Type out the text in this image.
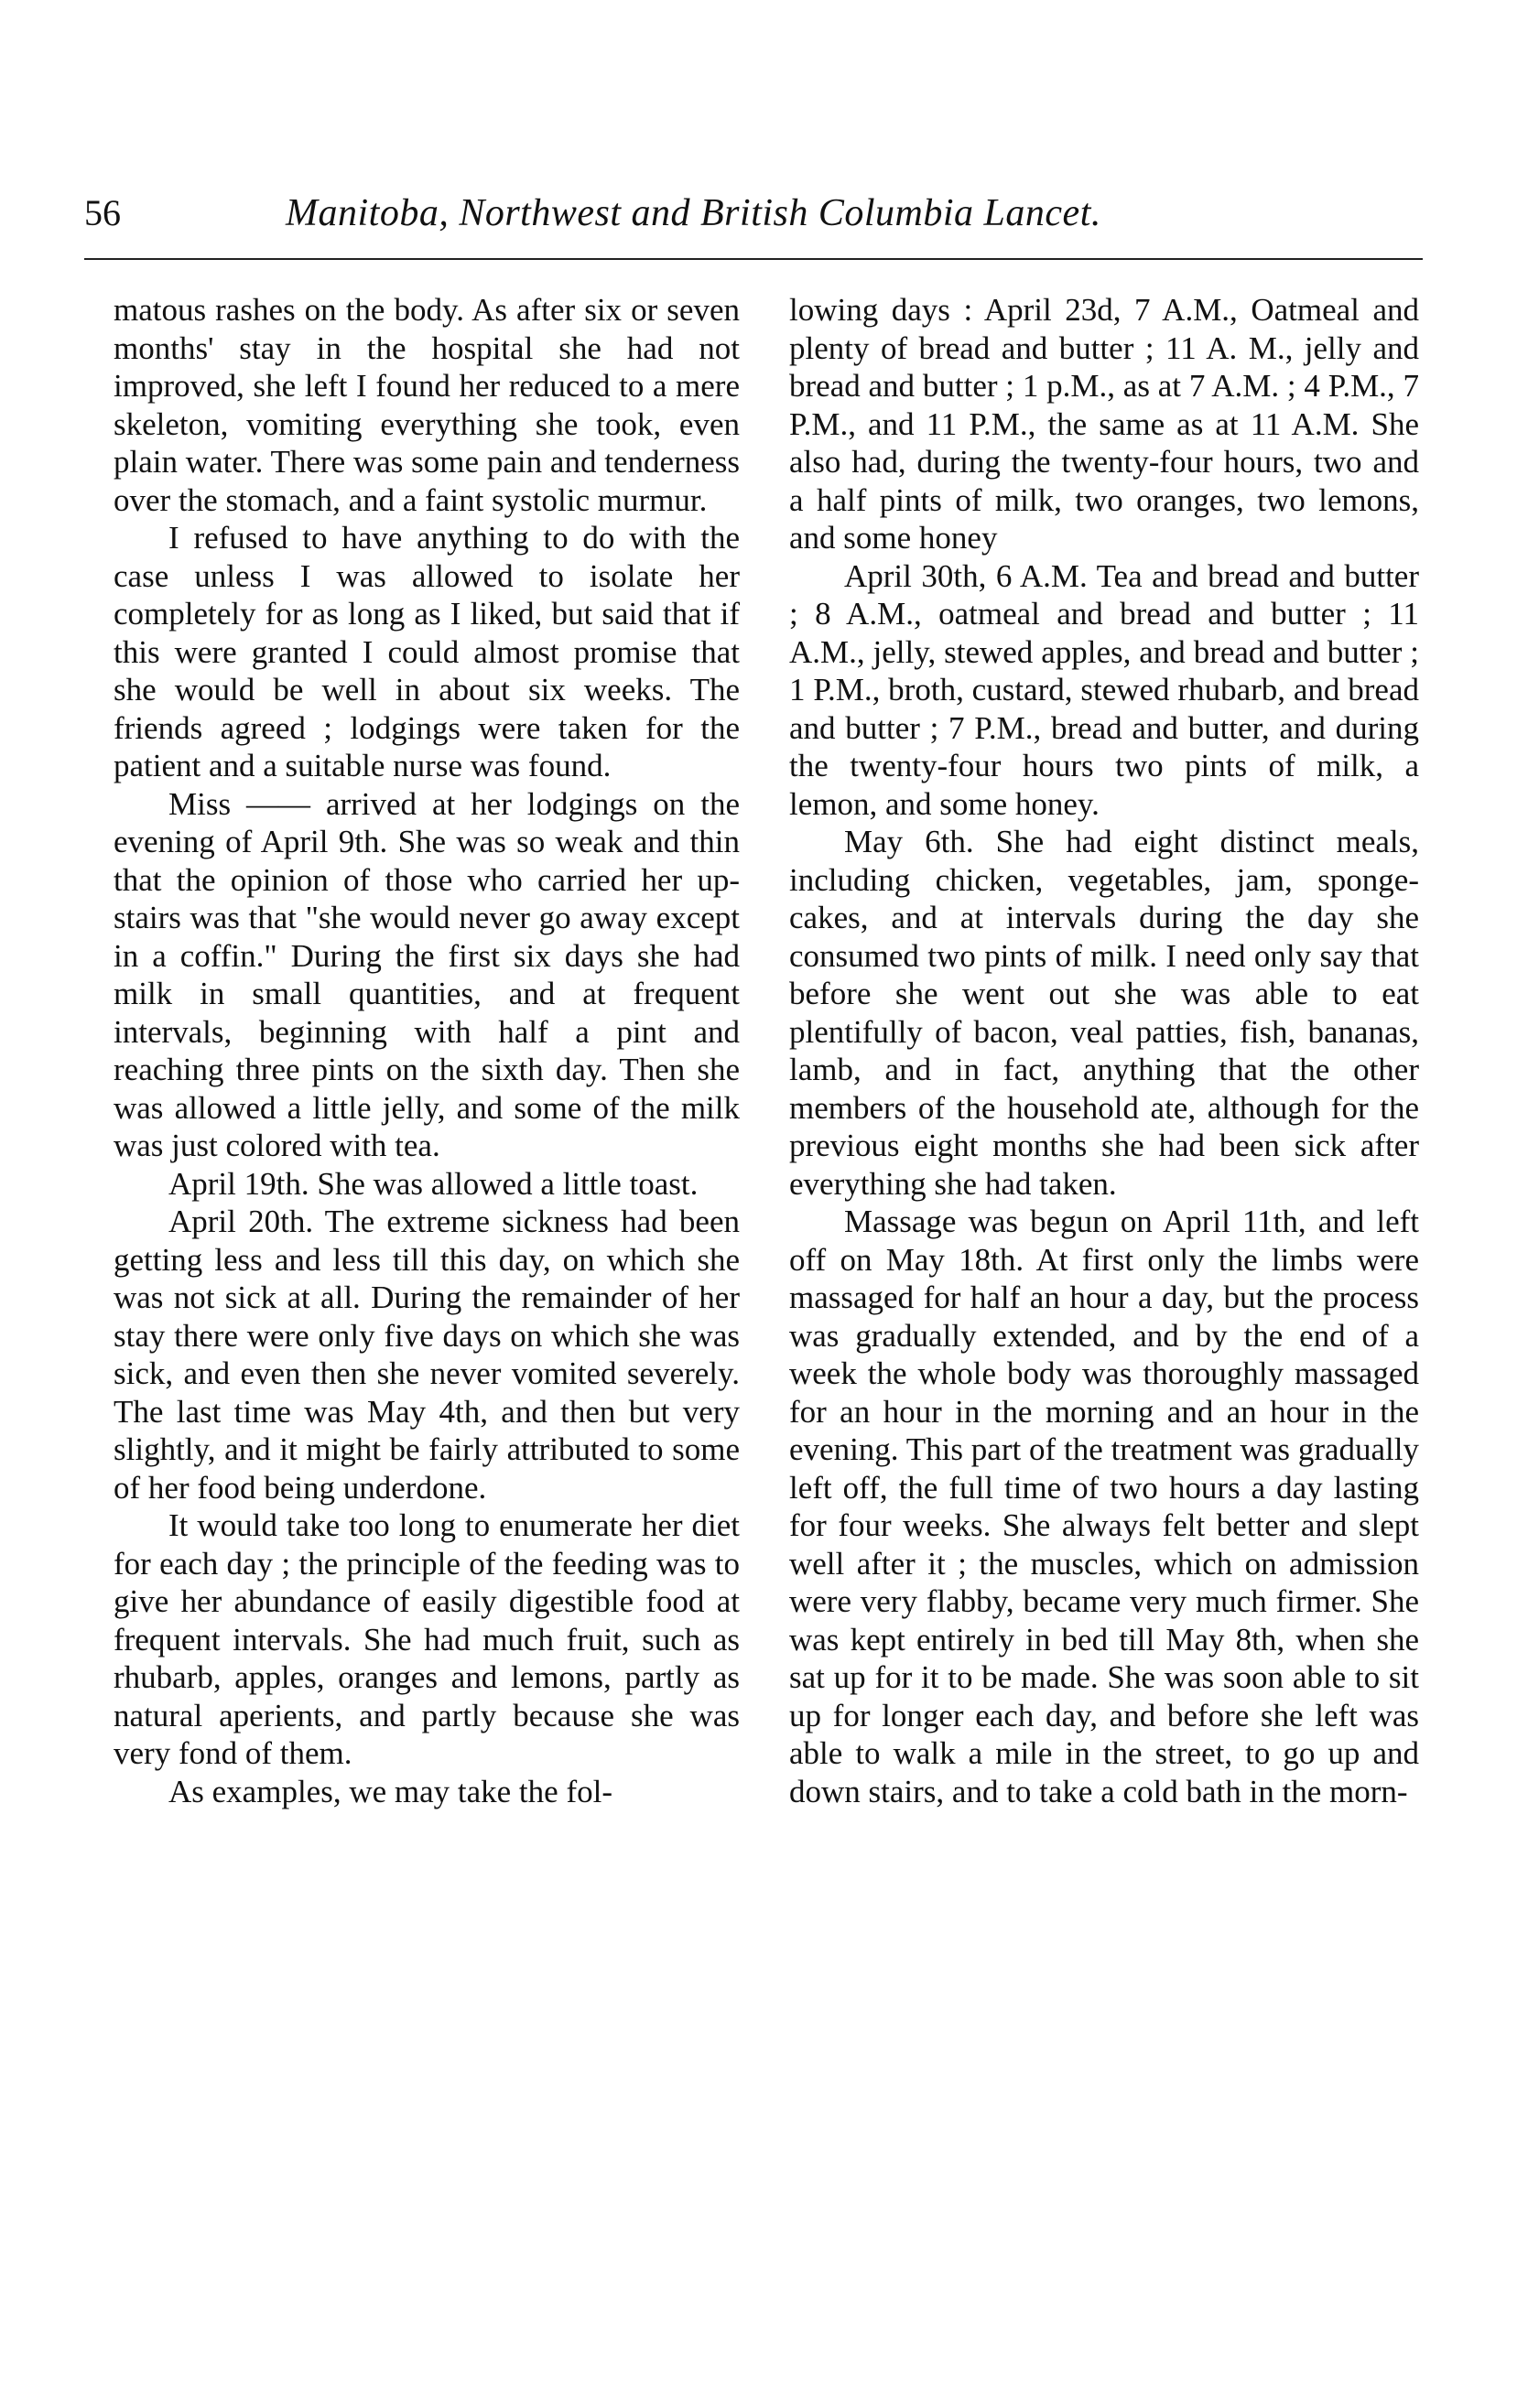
56	Manitoba, Northwest and British Columbia Lancet.

matous rashes on the body. As after six or seven months' stay in the hospital she had not improved, she left I found her reduced to a mere skeleton, vomiting everything she took, even plain water. There was some pain and tenderness over the stomach, and a faint systolic murmur.

I refused to have anything to do with the case unless I was allowed to isolate her completely for as long as I liked, but said that if this were granted I could almost promise that she would be well in about six weeks. The friends agreed ; lodgings were taken for the patient and a suitable nurse was found.

Miss —— arrived at her lodgings on the evening of April 9th. She was so weak and thin that the opinion of those who carried her up-stairs was that "she would never go away except in a coffin." During the first six days she had milk in small quantities, and at frequent intervals, beginning with half a pint and reaching three pints on the sixth day. Then she was allowed a little jelly, and some of the milk was just colored with tea.

April 19th. She was allowed a little toast.

April 20th. The extreme sickness had been getting less and less till this day, on which she was not sick at all. During the remainder of her stay there were only five days on which she was sick, and even then she never vomited severely. The last time was May 4th, and then but very slightly, and it might be fairly attributed to some of her food being underdone.

It would take too long to enumerate her diet for each day ; the principle of the feeding was to give her abundance of easily digestible food at frequent intervals. She had much fruit, such as rhubarb, apples, oranges and lemons, partly as natural aperients, and partly because she was very fond of them.

As examples, we may take the fol-

lowing days : April 23d, 7 A.M., Oatmeal and plenty of bread and butter ; 11 A. M., jelly and bread and butter ; 1 p.M., as at 7 A.M. ; 4 P.M., 7 P.M., and 11 P.M., the same as at 11 A.M. She also had, during the twenty-four hours, two and a half pints of milk, two oranges, two lemons, and some honey

April 30th, 6 A.M. Tea and bread and butter ; 8 A.M., oatmeal and bread and butter ; 11 A.M., jelly, stewed apples, and bread and butter ; 1 P.M., broth, custard, stewed rhubarb, and bread and butter ; 7 P.M., bread and butter, and during the twenty-four hours two pints of milk, a lemon, and some honey.

May 6th. She had eight distinct meals, including chicken, vegetables, jam, sponge-cakes, and at intervals during the day she consumed two pints of milk. I need only say that before she went out she was able to eat plentifully of bacon, veal patties, fish, bananas, lamb, and in fact, anything that the other members of the household ate, although for the previous eight months she had been sick after everything she had taken.

Massage was begun on April 11th, and left off on May 18th. At first only the limbs were massaged for half an hour a day, but the process was gradually extended, and by the end of a week the whole body was thoroughly massaged for an hour in the morning and an hour in the evening. This part of the treatment was gradually left off, the full time of two hours a day lasting for four weeks. She always felt better and slept well after it ; the muscles, which on admission were very flabby, became very much firmer. She was kept entirely in bed till May 8th, when she sat up for it to be made. She was soon able to sit up for longer each day, and before she left was able to walk a mile in the street, to go up and down stairs, and to take a cold bath in the morn-
